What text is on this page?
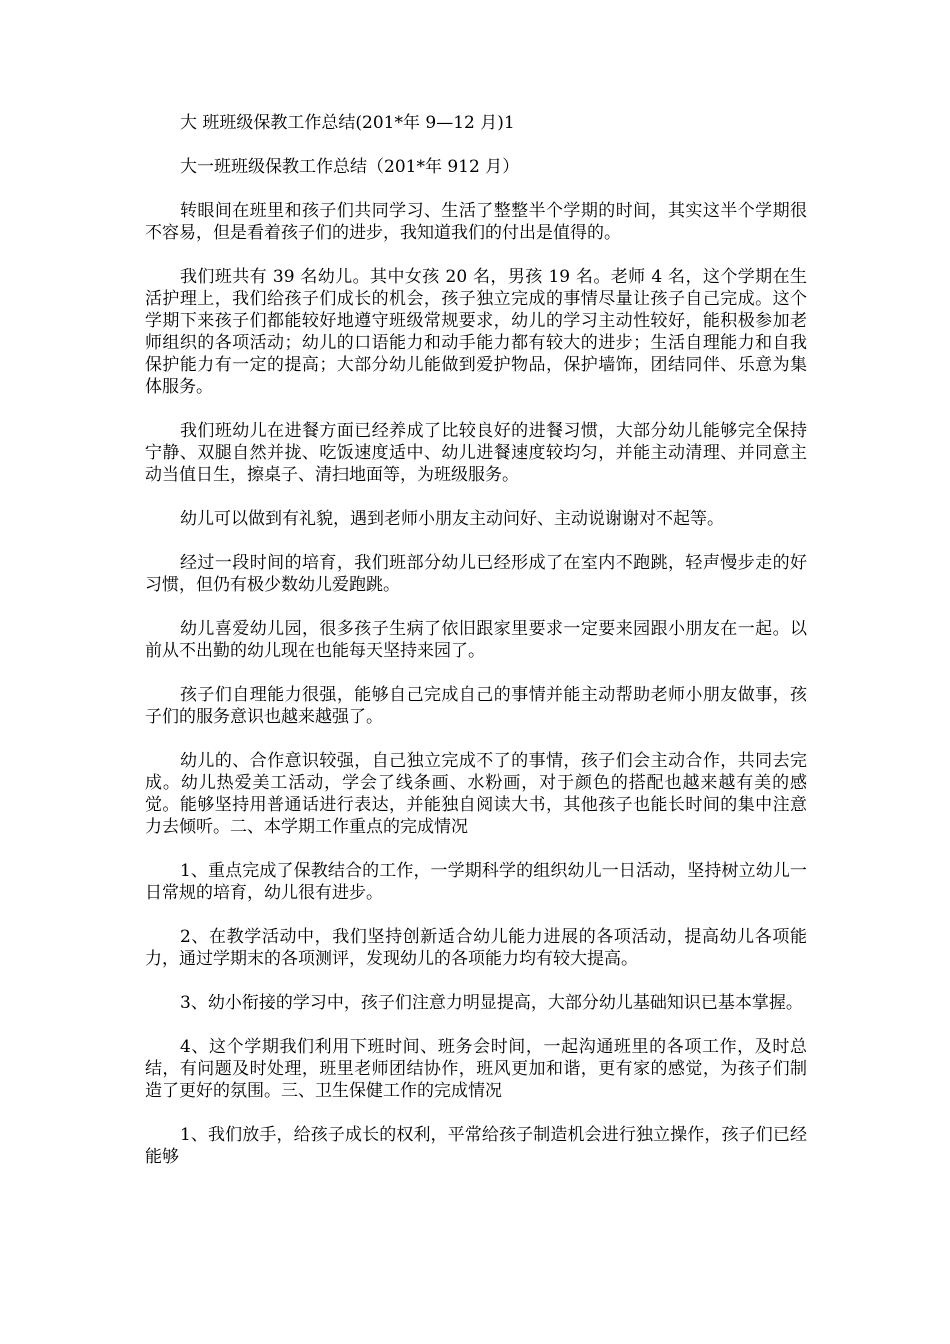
大 班班级保教工作总结(201*年 9—12 月)1

大一班班级保教工作总结（201*年 912 月）

转眼间在班里和孩子们共同学习、生活了整整半个学期的时间，其实这半个学期很不容易，但是看着孩子们的进步，我知道我们的付出是值得的。

我们班共有 39 名幼儿。其中女孩 20 名，男孩 19 名。老师 4 名，这个学期在生活护理上，我们给孩子们成长的机会，孩子独立完成的事情尽量让孩子自己完成。这个学期下来孩子们都能较好地遵守班级常规要求，幼儿的学习主动性较好，能积极参加老师组织的各项活动；幼儿的口语能力和动手能力都有较大的进步；生活自理能力和自我保护能力有一定的提高；大部分幼儿能做到爱护物品，保护墙饰，团结同伴、乐意为集体服务。

我们班幼儿在进餐方面已经养成了比较良好的进餐习惯，大部分幼儿能够完全保持宁静、双腿自然并拢、吃饭速度适中、幼儿进餐速度较均匀，并能主动清理、并同意主动当值日生，擦桌子、清扫地面等，为班级服务。

幼儿可以做到有礼貌，遇到老师小朋友主动问好、主动说谢谢对不起等。

经过一段时间的培育，我们班部分幼儿已经形成了在室内不跑跳，轻声慢步走的好习惯，但仍有极少数幼儿爱跑跳。

幼儿喜爱幼儿园，很多孩子生病了依旧跟家里要求一定要来园跟小朋友在一起。以前从不出勤的幼儿现在也能每天坚持来园了。

孩子们自理能力很强，能够自己完成自己的事情并能主动帮助老师小朋友做事，孩子们的服务意识也越来越强了。

幼儿的、合作意识较强，自己独立完成不了的事情，孩子们会主动合作，共同去完成。幼儿热爱美工活动，学会了线条画、水粉画，对于颜色的搭配也越来越有美的感觉。能够坚持用普通话进行表达，并能独自阅读大书，其他孩子也能长时间的集中注意力去倾听。二、本学期工作重点的完成情况

1、重点完成了保教结合的工作，一学期科学的组织幼儿一日活动，坚持树立幼儿一日常规的培育，幼儿很有进步。

2、在教学活动中，我们坚持创新适合幼儿能力进展的各项活动，提高幼儿各项能力，通过学期末的各项测评，发现幼儿的各项能力均有较大提高。

3、幼小衔接的学习中，孩子们注意力明显提高，大部分幼儿基础知识已基本掌握。

4、这个学期我们利用下班时间、班务会时间，一起沟通班里的各项工作，及时总结，有问题及时处理，班里老师团结协作，班风更加和谐，更有家的感觉，为孩子们制造了更好的氛围。三、卫生保健工作的完成情况

1、我们放手，给孩子成长的权利，平常给孩子制造机会进行独立操作，孩子们已经能够
